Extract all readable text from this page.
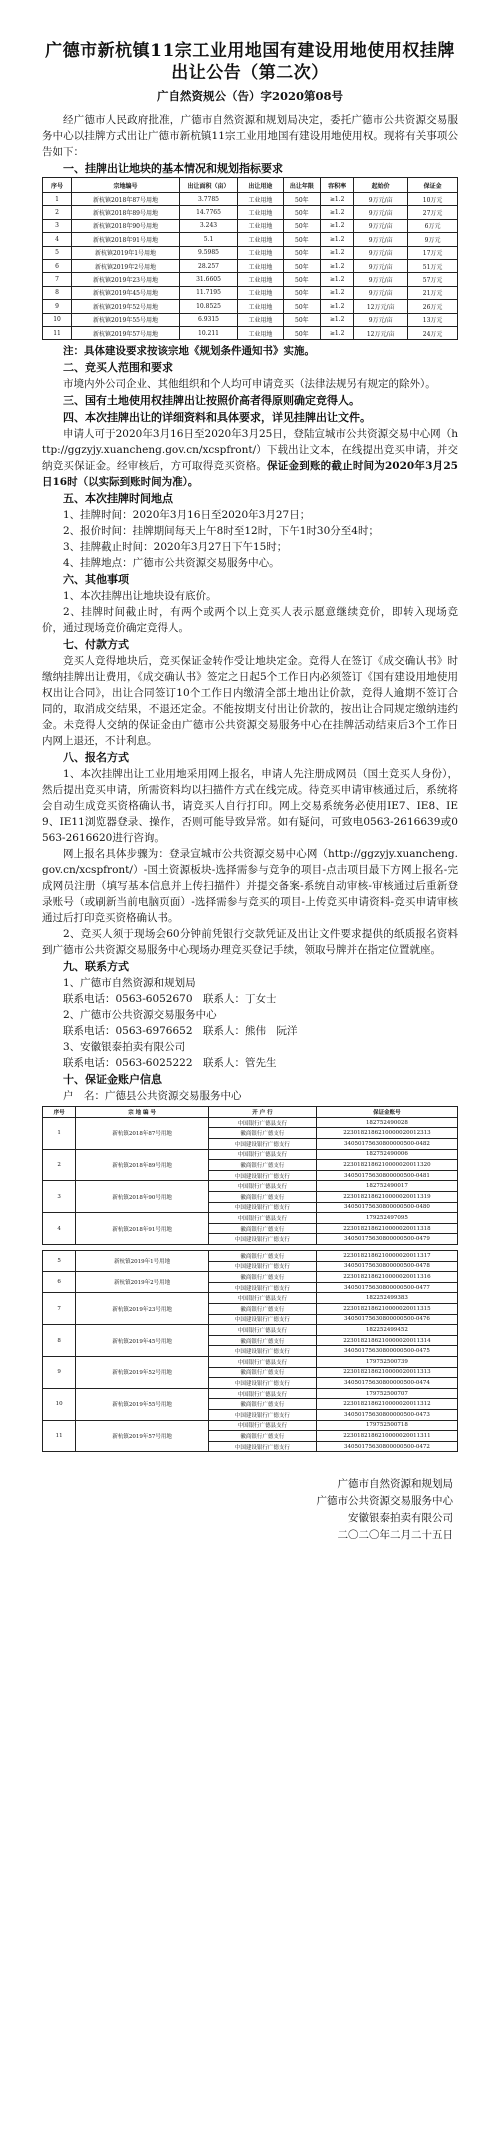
广德市新杭镇11宗工业用地国有建设用地使用权挂牌出让公告（第二次）
广自然资规公（告）字2020第08号

经广德市人民政府批准，广德市自然资源和规划局决定，委托广德市公共资源交易服务中心以挂牌方式出让广德市新杭镇11宗工业用地国有建设用地使用权。现将有关事项公告如下：

一、挂牌出让地块的基本情况和规划指标要求
序号	宗地编号	出让面积（亩）	出让用途	出让年限	容积率	起始价	保证金
1	新杭镇2018年87号用地	3.7785	工业用地	50年	≥1.2	9万元/亩	10万元
2	新杭镇2018年89号用地	14.7765	工业用地	50年	≥1.2	9万元/亩	27万元
3	新杭镇2018年90号用地	3.243	工业用地	50年	≥1.2	9万元/亩	6万元
4	新杭镇2018年91号用地	5.1	工业用地	50年	≥1.2	9万元/亩	9万元
5	新杭镇2019年1号用地	9.5985	工业用地	50年	≥1.2	9万元/亩	17万元
6	新杭镇2019年2号用地	28.257	工业用地	50年	≥1.2	9万元/亩	51万元
7	新杭镇2019年23号用地	31.6605	工业用地	50年	≥1.2	9万元/亩	57万元
8	新杭镇2019年45号用地	11.7195	工业用地	50年	≥1.2	9万元/亩	21万元
9	新杭镇2019年52号用地	10.8525	工业用地	50年	≥1.2	12万元/亩	26万元
10	新杭镇2019年55号用地	6.9315	工业用地	50年	≥1.2	9万元/亩	13万元
11	新杭镇2019年57号用地	10.211	工业用地	50年	≥1.2	12万元/亩	24万元

注：具体建设要求按该宗地《规划条件通知书》实施。

二、竞买人范围和要求

市境内外公司企业、其他组织和个人均可申请竞买（法律法规另有规定的除外）。

三、国有土地使用权挂牌出让按照价高者得原则确定竞得人。
四、本次挂牌出让的详细资料和具体要求，详见挂牌出让文件。

申请人可于2020年3月16日至2020年3月25日，登陆宣城市公共资源交易中心网（http://ggzyjy.xuancheng.gov.cn/xcspfront/）下载出让文本，在线提出竞买申请，并交纳竞买保证金。经审核后，方可取得竞买资格。保证金到账的截止时间为2020年3月25日16时（以实际到账时间为准）。

五、本次挂牌时间地点

1、挂牌时间：2020年3月16日至2020年3月27日；

2、报价时间：挂牌期间每天上午8时至12时，下午1时30分至4时；

3、挂牌截止时间：2020年3月27日下午15时；

4、挂牌地点：广德市公共资源交易服务中心。

六、其他事项

1、本次挂牌出让地块设有底价。

2、挂牌时间截止时，有两个或两个以上竞买人表示愿意继续竞价，即转入现场竞价，通过现场竞价确定竞得人。

七、付款方式

竞买人竞得地块后，竞买保证金转作受让地块定金。竞得人在签订《成交确认书》时缴纳挂牌出让费用，《成交确认书》签定之日起5个工作日内必须签订《国有建设用地使用权出让合同》，出让合同签订10个工作日内缴清全部土地出让价款，竞得人逾期不签订合同的，取消成交结果，不退还定金。不能按期支付出让价款的，按出让合同规定缴纳违约金。未竞得人交纳的保证金由广德市公共资源交易服务中心在挂牌活动结束后3个工作日内网上退还，不计利息。

八、报名方式

1、本次挂牌出让工业用地采用网上报名，申请人先注册成网员（国土竞买人身份），然后提出竞买申请，所需资料均以扫描件方式在线完成。待竞买申请审核通过后，系统将会自动生成竞买资格确认书，请竞买人自行打印。网上交易系统务必使用IE7、IE8、IE9、IE11浏览器登录、操作，否则可能导致异常。如有疑问，可致电0563-2616639或0563-2616620进行咨询。

网上报名具体步骤为：登录宣城市公共资源交易中心网（http://ggzyjy.xuancheng.gov.cn/xcspfront/）-国土资源板块-选择需参与竞争的项目-点击项目最下方网上报名-完成网员注册（填写基本信息并上传扫描件）并提交备案-系统自动审核-审核通过后重新登录账号（或刷新当前电脑页面）-选择需参与竞买的项目-上传竞买申请资料-竞买申请审核通过后打印竞买资格确认书。

2、竞买人须于现场会60分钟前凭银行交款凭证及出让文件要求提供的纸质报名资料到广德市公共资源交易服务中心现场办理竞买登记手续，领取号牌并在指定位置就座。

九、联系方式

1、广德市自然资源和规划局

联系电话：0563-6052670　联系人：丁女士

2、广德市公共资源交易服务中心

联系电话：0563-6976652　联系人：熊伟　阮洋

3、安徽银泰拍卖有限公司

联系电话：0563-6025222　联系人：管先生

十、保证金账户信息

户　名：广德县公共资源交易服务中心

序号	宗 地 编 号	开 户 行	保证金账号
1	新杭镇2018年87号用地	中国银行广德县支行	182752490028
		徽商银行广德支行	2230182186210000020012313
		中国建设银行广德支行	34050175630800000500-0482
2	新杭镇2018年89号用地	中国银行广德县支行	182752490006
		徽商银行广德支行	2230182186210000020011320
		中国建设银行广德支行	34050175630800000500-0481
3	新杭镇2018年90号用地	中国银行广德县支行	182752490017
		徽商银行广德支行	2230182186210000020011319
		中国建设银行广德支行	34050175630800000500-0480
4	新杭镇2018年91号用地	中国银行广德县支行	179252497095
		徽商银行广德支行	2230182186210000020011318
		中国建设银行广德支行	34050175630800000500-0479

5	新杭镇2019年1号用地	徽商银行广德支行	2230182186210000020011317
		中国建设银行广德支行	34050175630800000500-0478
6	新杭镇2019年2号用地	徽商银行广德支行	2230182186210000020011316
		中国建设银行广德支行	34050175630800000500-0477
7	新杭镇2019年23号用地	中国银行广德县支行	182252499383
		徽商银行广德支行	2230182186210000020011315
		中国建设银行广德支行	34050175630800000500-0476
8	新杭镇2019年45号用地	中国银行广德县支行	182252499452
		徽商银行广德支行	2230182186210000020011314
		中国建设银行广德支行	34050175630800000500-0475
9	新杭镇2019年52号用地	中国银行广德县支行	179752500739
		徽商银行广德支行	2230182186210000020011313
		中国建设银行广德支行	34050175630800000500-0474
10	新杭镇2019年55号用地	中国银行广德县支行	179752500707
		徽商银行广德支行	2230182186210000020011312
		中国建设银行广德支行	34050175630800000500-0473
11	新杭镇2019年57号用地	中国银行广德县支行	179752500718
		徽商银行广德支行	2230182186210000020011311
		中国建设银行广德支行	34050175630800000500-0472
广德市自然资源和规划局
广德市公共资源交易服务中心
安徽银泰拍卖有限公司
二〇二〇年二月二十五日
